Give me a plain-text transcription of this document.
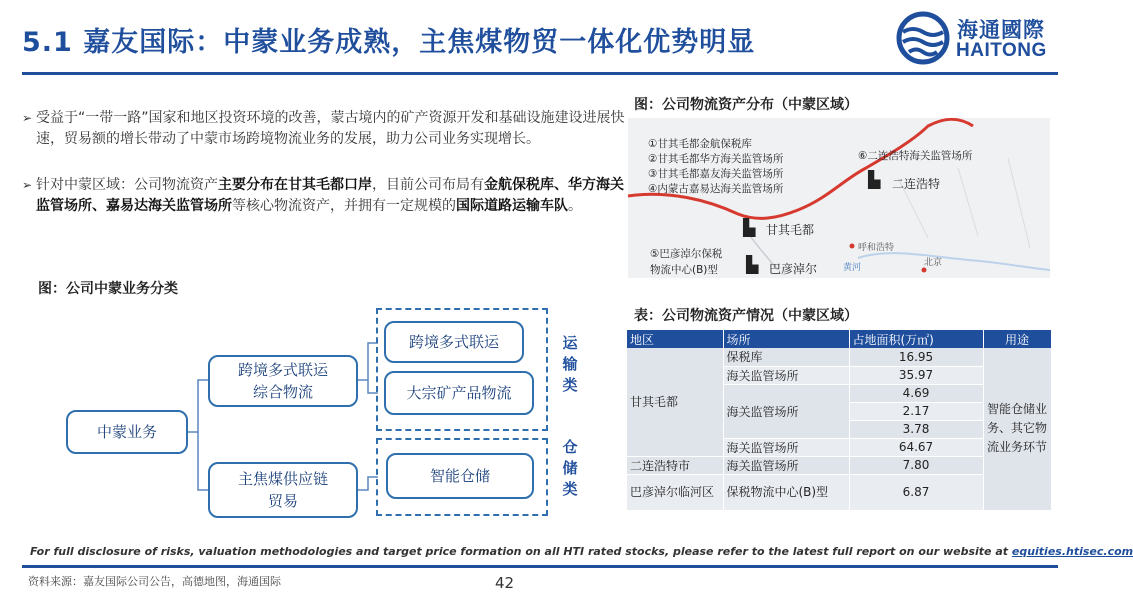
5.1 嘉友国际：中蒙业务成熟，主焦煤物贸一体化优势明显	海通國際
HAITONG
➢ 受益于“一带一路”国家和地区投资环境的改善，蒙古境内的矿产资源开发和基础设施建设进展快速，贸易额的增长带动了中蒙市场跨境物流业务的发展，助力公司业务实现增长。
➢ 针对中蒙区域：公司物流资产主要分布在甘其毛都口岸，目前公司布局有金航保税库、华方海关监管场所、嘉易达海关监管场所等核心物流资产，并拥有一定规模的国际道路运输车队。
图：公司物流资产分布（中蒙区域）
①甘其毛都金航保税库
②甘其毛都华方海关监管场所
③甘其毛都嘉友海关监管场所
④内蒙古嘉易达海关监管场所
⑥二连浩特海关监管场所
▙ 二连浩特
▙ 甘其毛都
呼和浩特
北京
黄河
⑤巴彦淖尔保税
物流中心(B)型 ▙ 巴彦淖尔
图：公司中蒙业务分类
中蒙业务
跨境多式联运综合物流
主焦煤供应链贸易
跨境多式联运
大宗矿产品物流
智能仓储
运输类
仓储类
表：公司物流资产情况（中蒙区域）
地区	场所	占地面积(万㎡)	用途
甘其毛都	保税库	16.95	智能仓储业务、其它物流业务环节
	海关监管场所	35.97	
	海关监管场所	4.69	
		2.17	
		3.78	
	海关监管场所	64.67	
二连浩特市	海关监管场所	7.80	
巴彦淖尔临河区	保税物流中心(B)型	6.87	
For full disclosure of risks, valuation methodologies and target price formation on all HTI rated stocks, please refer to the latest full report on our website at equities.htisec.com
资料来源：嘉友国际公司公告，高德地图，海通国际	42
